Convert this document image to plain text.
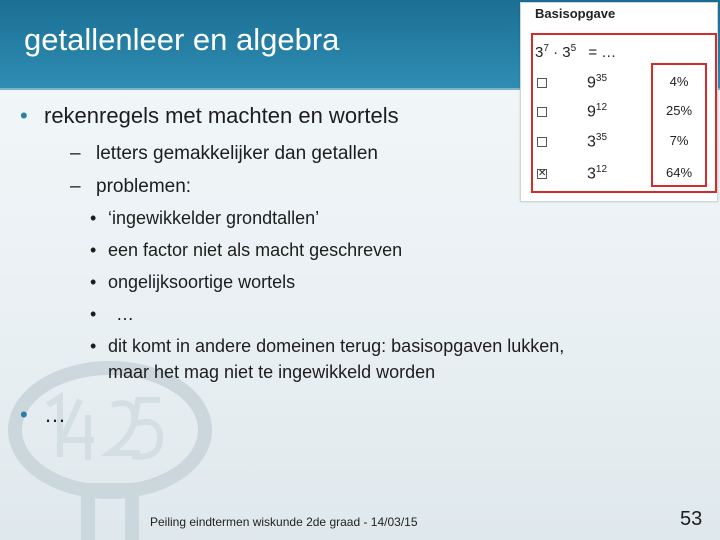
getallenleer en algebra
• rekenregels met machten en wortels
– letters gemakkelijker dan getallen
– problemen:
• ‘ingewikkelder grondtallen’
• een factor niet als macht geschreven
• ongelijksoortige wortels
• …
• dit komt in andere domeinen terug: basisopgaven lukken,
maar het mag niet te ingewikkeld worden
• …
Basisopgave
$3^7 \cdot 3^5$ = …
$9^{35}$	4%
$9^{12}$	25%
$3^{35}$	7%
✕	$3^{12}$	64%
Peiling eindtermen wiskunde 2de graad - 14/03/15	53
